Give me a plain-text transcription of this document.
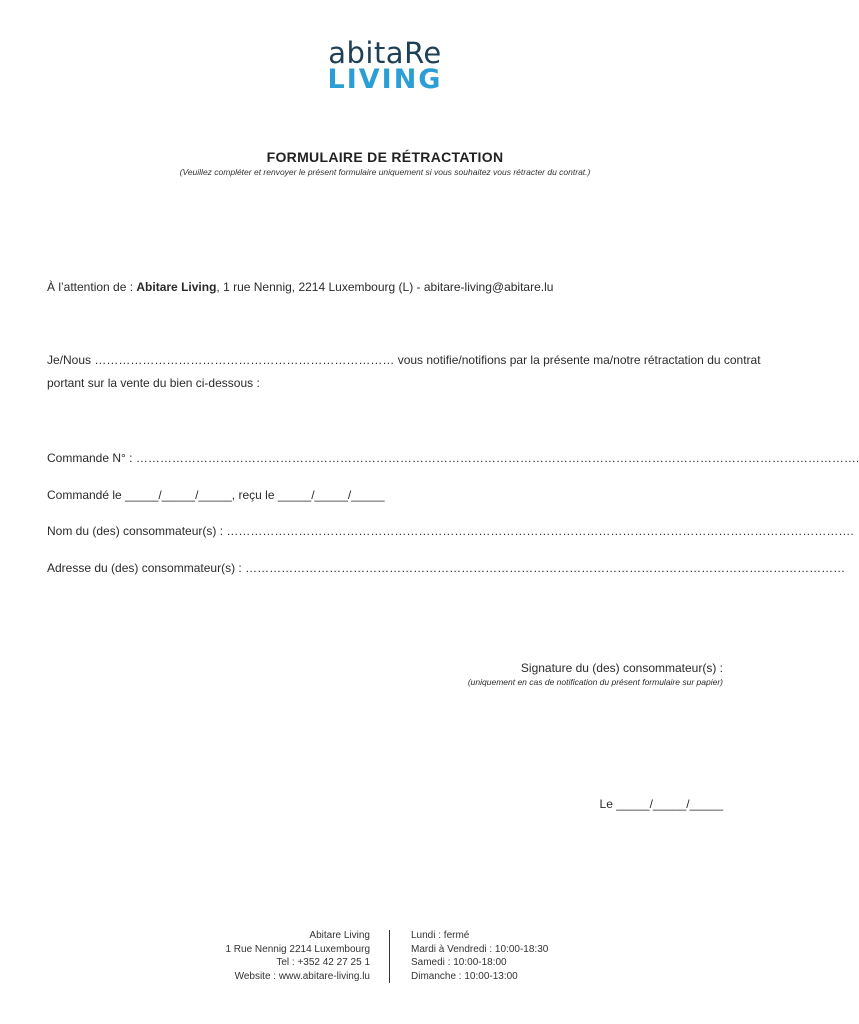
abitaRe
LIVING
FORMULAIRE DE RÉTRACTATION
(Veuillez compléter et renvoyer le présent formulaire uniquement si vous souhaitez vous rétracter du contrat.)
À l’attention de : Abitare Living, 1 rue Nennig, 2214 Luxembourg (L) - abitare-living@abitare.lu
Je/Nous ………………………………………………………………… vous notifie/notifions par la présente ma/notre rétractation du contrat
portant sur la vente du bien ci-dessous :
Commande N° : ……………………………………………………………………………………………………………………………………………………………….
Commandé le _____/_____/_____, reçu le _____/_____/_____
Nom du (des) consommateur(s) : ………………………………………………………………………………………………………………………………………….
Adresse du (des) consommateur(s) : ……………………………………………………………………………………………………………………………………
Signature du (des) consommateur(s) :
(uniquement en cas de notification du présent formulaire sur papier)
Le _____/_____/_____
Abitare Living
1 Rue Nennig 2214 Luxembourg
Tel : +352 42 27 25 1
Website : www.abitare-living.lu
Lundi : fermé
Mardi à Vendredi : 10:00-18:30
Samedi : 10:00-18:00
Dimanche : 10:00-13:00
